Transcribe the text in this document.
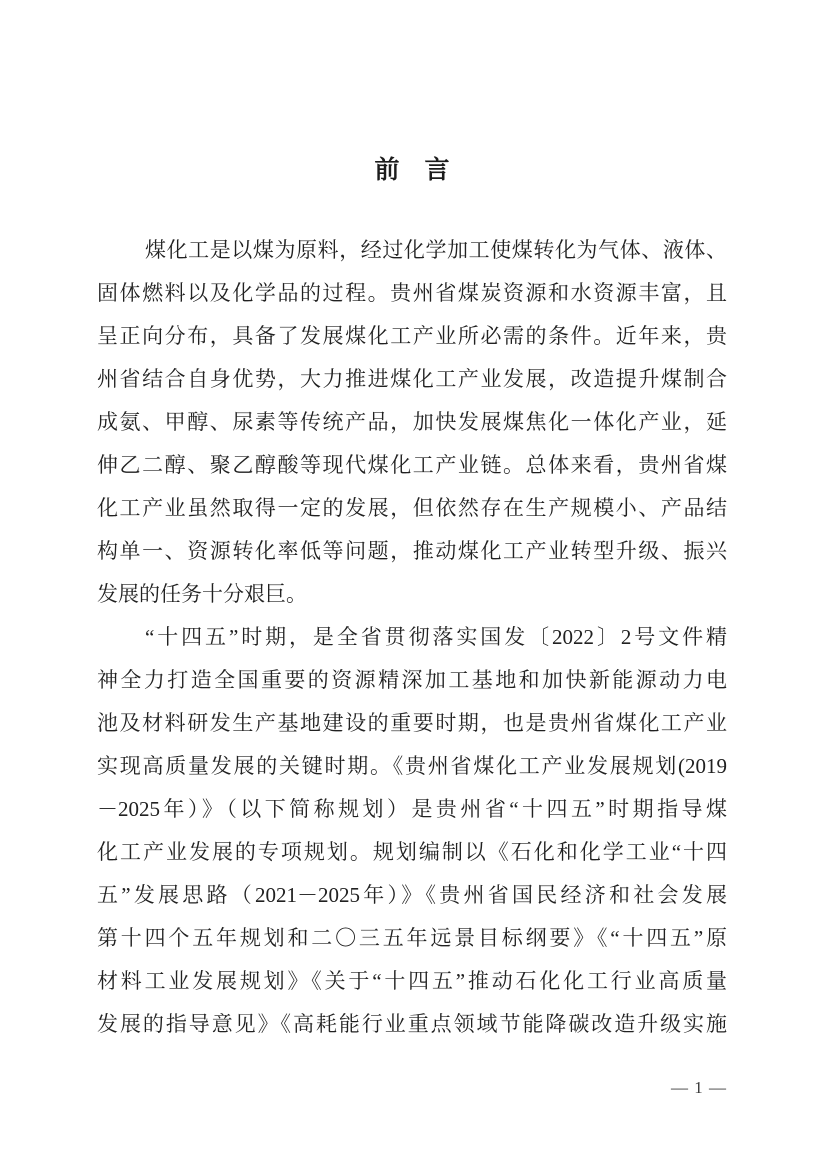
前　言
煤化工是以煤为原料，经过化学加工使煤转化为气体、液体、
固体燃料以及化学品的过程。贵州省煤炭资源和水资源丰富，且
呈正向分布，具备了发展煤化工产业所必需的条件。近年来，贵
州省结合自身优势，大力推进煤化工产业发展，改造提升煤制合
成氨、甲醇、尿素等传统产品，加快发展煤焦化一体化产业，延
伸乙二醇、聚乙醇酸等现代煤化工产业链。总体来看，贵州省煤
化工产业虽然取得一定的发展，但依然存在生产规模小、产品结
构单一、资源转化率低等问题，推动煤化工产业转型升级、振兴
发展的任务十分艰巨。
“十四五”时期，是全省贯彻落实国发〔2022〕2号文件精
神全力打造全国重要的资源精深加工基地和加快新能源动力电
池及材料研发生产基地建设的重要时期，也是贵州省煤化工产业
实现高质量发展的关键时期。《贵州省煤化工产业发展规划(2019
－2025年）》（以下简称规划）是贵州省“十四五”时期指导煤
化工产业发展的专项规划。规划编制以《石化和化学工业“十四
五”发展思路（2021－2025年）》《贵州省国民经济和社会发展
第十四个五年规划和二〇三五年远景目标纲要》《“十四五”原
材料工业发展规划》《关于“十四五”推动石化化工行业高质量
发展的指导意见》《高耗能行业重点领域节能降碳改造升级实施
— 1 —
